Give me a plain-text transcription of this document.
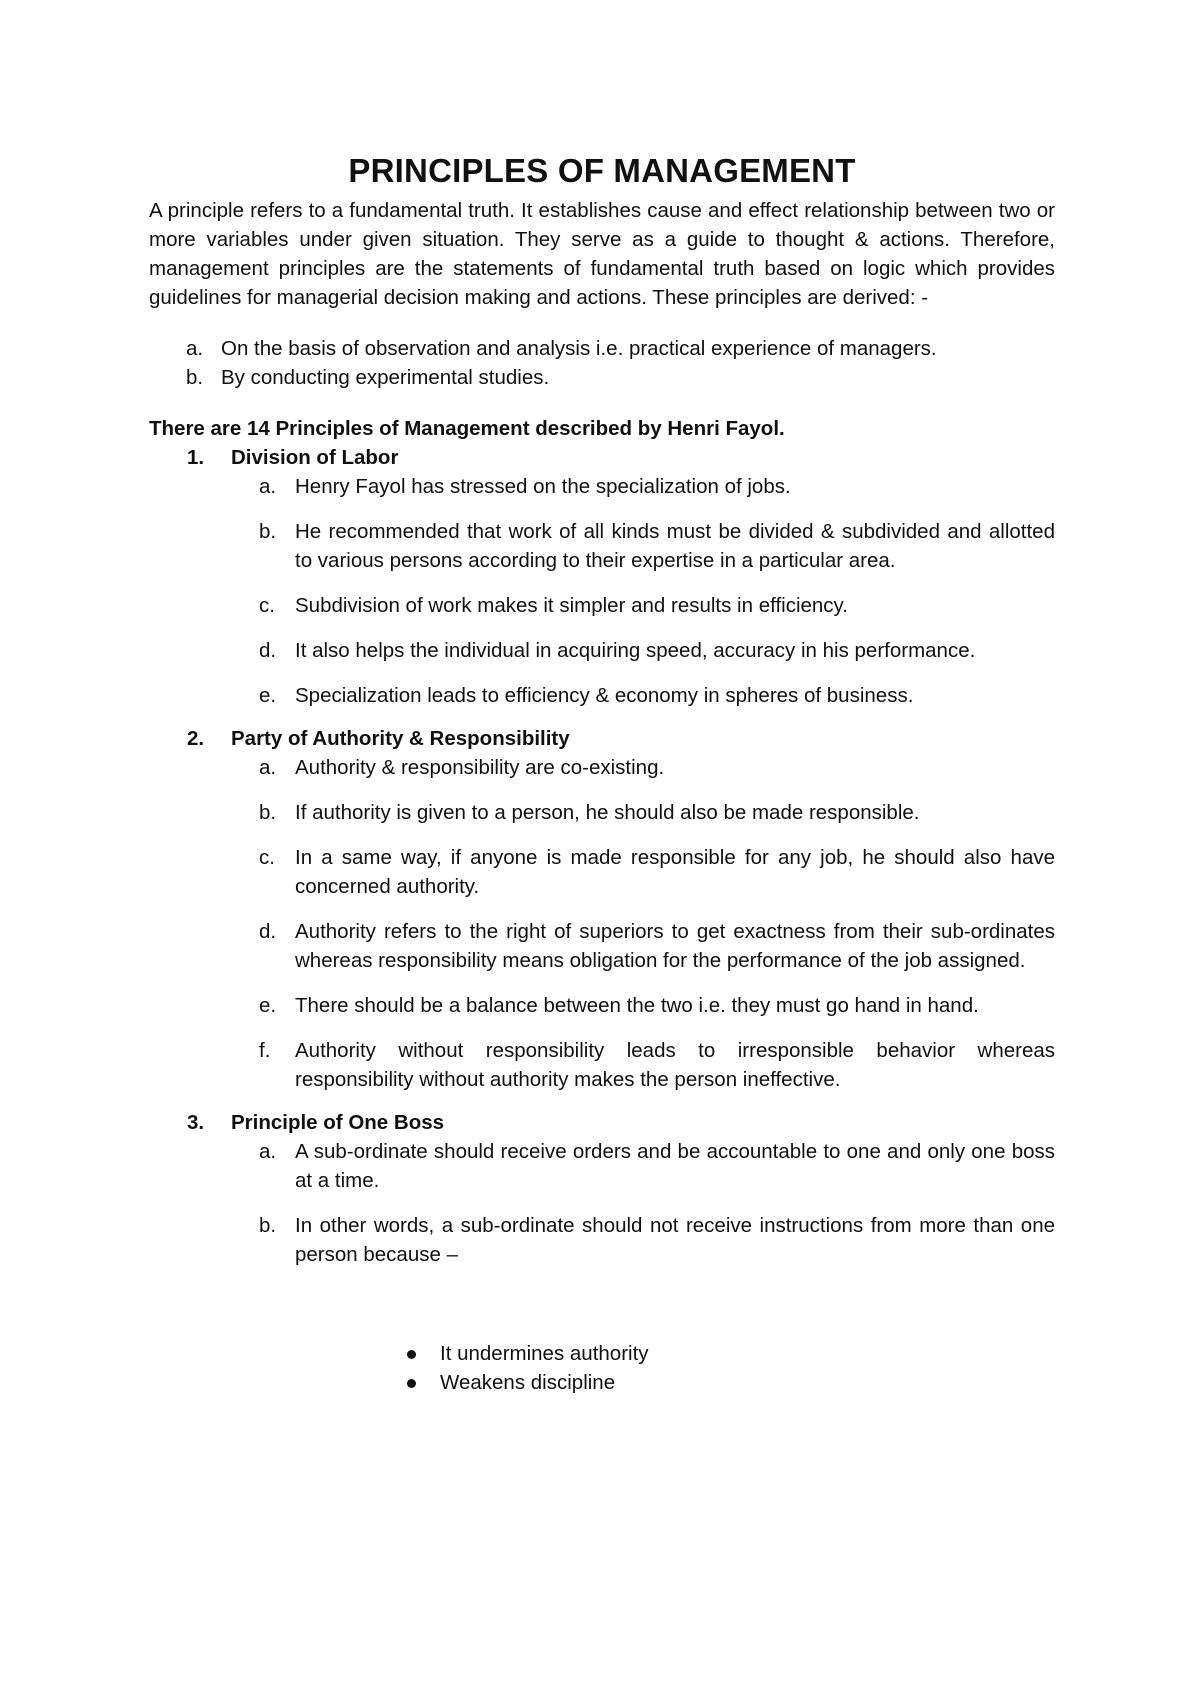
PRINCIPLES OF MANAGEMENT

A principle refers to a fundamental truth. It establishes cause and effect relationship between two or more variables under given situation. They serve as a guide to thought & actions. Therefore, management principles are the statements of fundamental truth based on logic which provides guidelines for managerial decision making and actions. These principles are derived: -

a. On the basis of observation and analysis i.e. practical experience of managers.
b. By conducting experimental studies.

There are 14 Principles of Management described by Henri Fayol.

1. Division of Labor
a. Henry Fayol has stressed on the specialization of jobs.
b. He recommended that work of all kinds must be divided & subdivided and allotted to various persons according to their expertise in a particular area.
c. Subdivision of work makes it simpler and results in efficiency.
d. It also helps the individual in acquiring speed, accuracy in his performance.
e. Specialization leads to efficiency & economy in spheres of business.
2. Party of Authority & Responsibility
a. Authority & responsibility are co-existing.
b. If authority is given to a person, he should also be made responsible.
c. In a same way, if anyone is made responsible for any job, he should also have concerned authority.
d. Authority refers to the right of superiors to get exactness from their sub-ordinates whereas responsibility means obligation for the performance of the job assigned.
e. There should be a balance between the two i.e. they must go hand in hand.
f. Authority without responsibility leads to irresponsible behavior whereas responsibility without authority makes the person ineffective.
3. Principle of One Boss
a. A sub-ordinate should receive orders and be accountable to one and only one boss at a time.
b. In other words, a sub-ordinate should not receive instructions from more than one person because –
It undermines authority
Weakens discipline
